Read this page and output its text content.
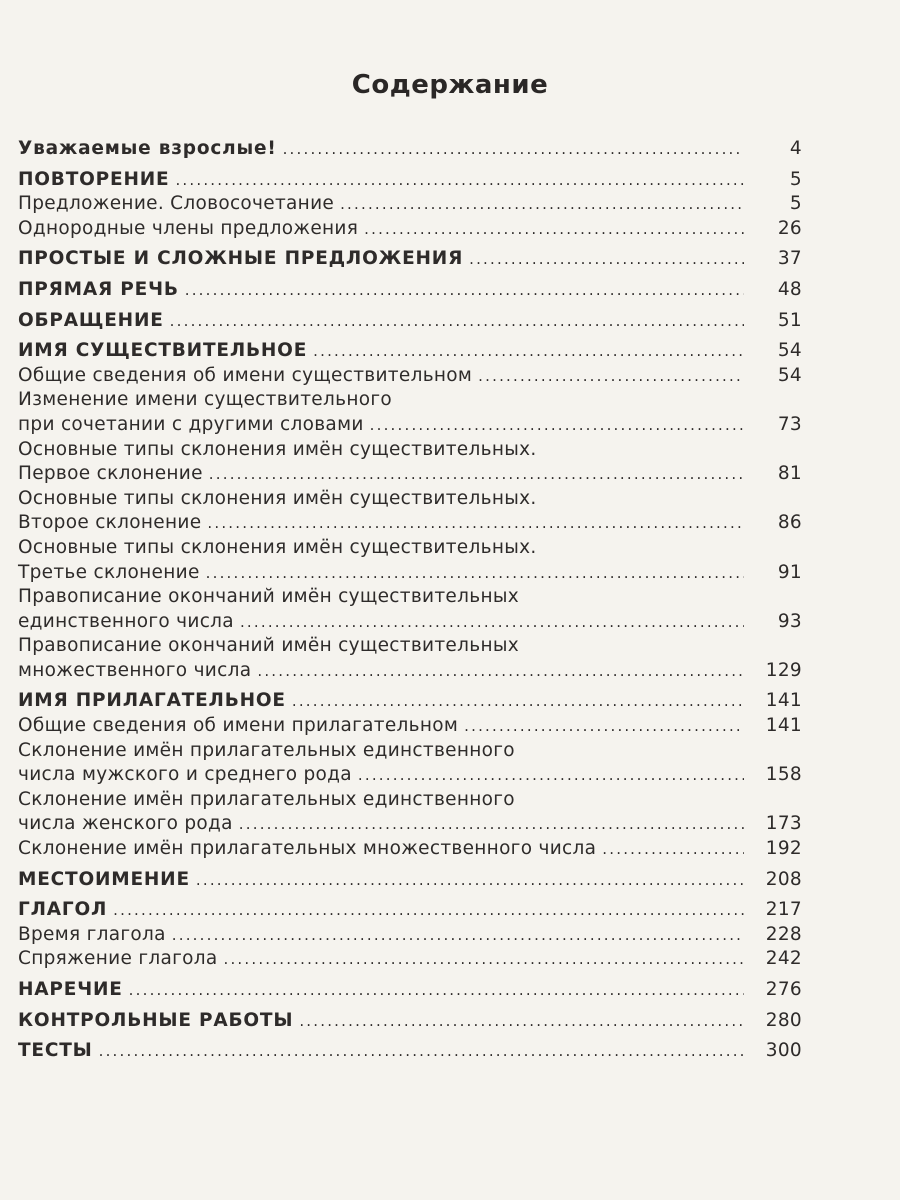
Содержание
Уважаемые взрослые! .....	4
ПОВТОРЕНИЕ .....	5
Предложение. Словосочетание .....	5
Однородные члены предложения .....	26
ПРОСТЫЕ И СЛОЖНЫЕ ПРЕДЛОЖЕНИЯ .....	37
ПРЯМАЯ РЕЧЬ .....	48
ОБРАЩЕНИЕ .....	51
ИМЯ СУЩЕСТВИТЕЛЬНОЕ .....	54
Общие сведения об имени существительном .....	54
Изменение имени существительного
при сочетании с другими словами .....	73
Основные типы склонения имён существительных.
Первое склонение .....	81
Основные типы склонения имён существительных.
Второе склонение .....	86
Основные типы склонения имён существительных.
Третье склонение .....	91
Правописание окончаний имён существительных
единственного числа .....	93
Правописание окончаний имён существительных
множественного числа .....	129
ИМЯ ПРИЛАГАТЕЛЬНОЕ .....	141
Общие сведения об имени прилагательном .....	141
Склонение имён прилагательных единственного
числа мужского и среднего рода .....	158
Склонение имён прилагательных единственного
числа женского рода .....	173
Склонение имён прилагательных множественного числа .....	192
МЕСТОИМЕНИЕ .....	208
ГЛАГОЛ .....	217
Время глагола .....	228
Спряжение глагола .....	242
НАРЕЧИЕ .....	276
КОНТРОЛЬНЫЕ РАБОТЫ .....	280
ТЕСТЫ .....	300
